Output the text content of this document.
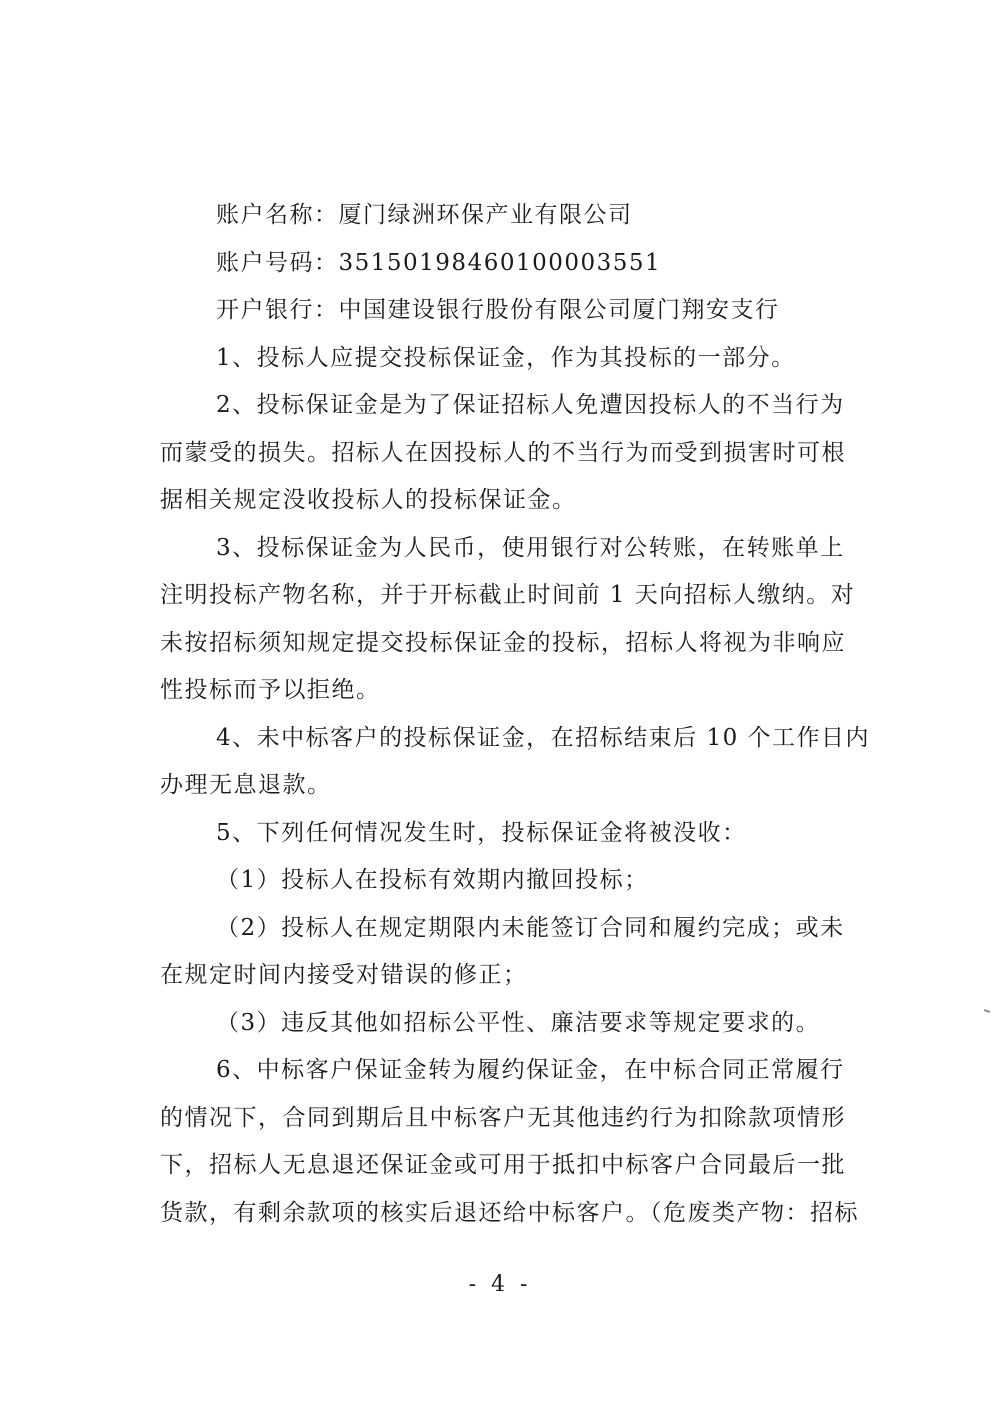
账户名称：厦门绿洲环保产业有限公司
账户号码：35150198460100003551
开户银行：中国建设银行股份有限公司厦门翔安支行
1、投标人应提交投标保证金，作为其投标的一部分。
2、投标保证金是为了保证招标人免遭因投标人的不当行为
而蒙受的损失。招标人在因投标人的不当行为而受到损害时可根
据相关规定没收投标人的投标保证金。
3、投标保证金为人民币，使用银行对公转账，在转账单上
注明投标产物名称，并于开标截止时间前 1 天向招标人缴纳。对
未按招标须知规定提交投标保证金的投标，招标人将视为非响应
性投标而予以拒绝。
4、未中标客户的投标保证金，在招标结束后 10 个工作日内
办理无息退款。
5、下列任何情况发生时，投标保证金将被没收：
（1）投标人在投标有效期内撤回投标；
（2）投标人在规定期限内未能签订合同和履约完成；或未
在规定时间内接受对错误的修正；
（3）违反其他如招标公平性、廉洁要求等规定要求的。
6、中标客户保证金转为履约保证金，在中标合同正常履行
的情况下，合同到期后且中标客户无其他违约行为扣除款项情形
下，招标人无息退还保证金或可用于抵扣中标客户合同最后一批
货款，有剩余款项的核实后退还给中标客户。（危废类产物：招标
- 4 -
